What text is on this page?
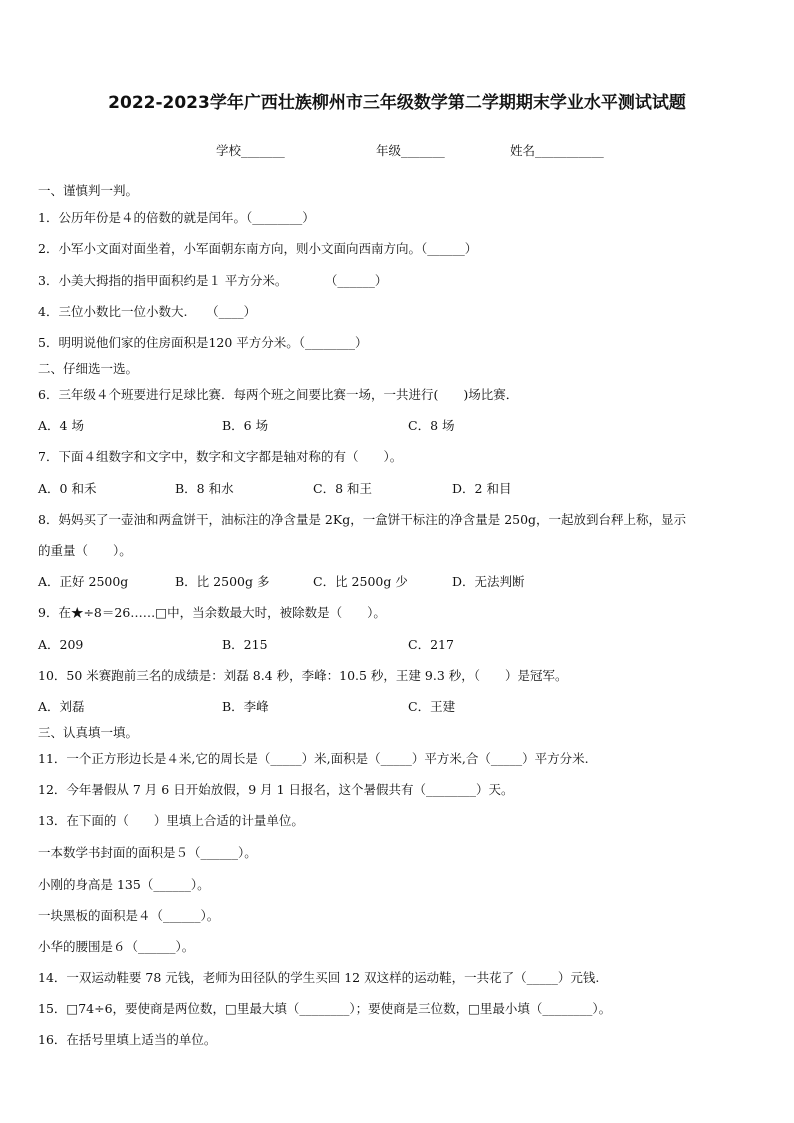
2022-2023学年广西壮族柳州市三年级数学第二学期期末学业水平测试试题
学校_______	年级_______	姓名___________
一、谨慎判一判。
1．公历年份是４的倍数的就是闰年。（________）
2．小军小文面对面坐着，小军面朝东南方向，则小文面向西南方向。（______）
3．小美大拇指的指甲面积约是１ 平方分米。　　　　（______）
4．三位小数比一位小数大.　　（____）
5．明明说他们家的住房面积是120 平方分米。（________）
二、仔细选一选。
6．三年级４个班要进行足球比赛．每两个班之间要比赛一场，一共进行(　　)场比赛．
A．4 场	B．6 场	C．8 场
7．下面４组数字和文字中，数字和文字都是轴对称的有（　　）。
A．0 和禾	B．8 和水	C．8 和王	D．2 和目
8．妈妈买了一壶油和两盒饼干，油标注的净含量是 2Kg，一盒饼干标注的净含量是 250g，一起放到台秤上称，显示
的重量（　　）。
A．正好 2500g	B．比 2500g 多	C．比 2500g 少	D．无法判断
9．在★÷8＝26……□中，当余数最大时，被除数是（　　）。
A．209	B．215	C．217
10．50 米赛跑前三名的成绩是：刘磊 8.4 秒，李峰：10.5 秒，王建 9.3 秒，（　　）是冠军。
A．刘磊	B．李峰	C．王建
三、认真填一填。
11．一个正方形边长是４米,它的周长是（_____）米,面积是（_____）平方米,合（_____）平方分米.
12．今年暑假从 7 月 6 日开始放假，9 月 1 日报名，这个暑假共有（________）天。
13．在下面的（　　）里填上合适的计量单位。
一本数学书封面的面积是５（______）。
小刚的身高是 135（______）。
一块黑板的面积是４（______）。
小华的腰围是６（______）。
14．一双运动鞋要 78 元钱，老师为田径队的学生买回 12 双这样的运动鞋，一共花了（_____）元钱.
15．□74÷6，要使商是两位数，□里最大填（________）；要使商是三位数，□里最小填（________）。
16．在括号里填上适当的单位。
